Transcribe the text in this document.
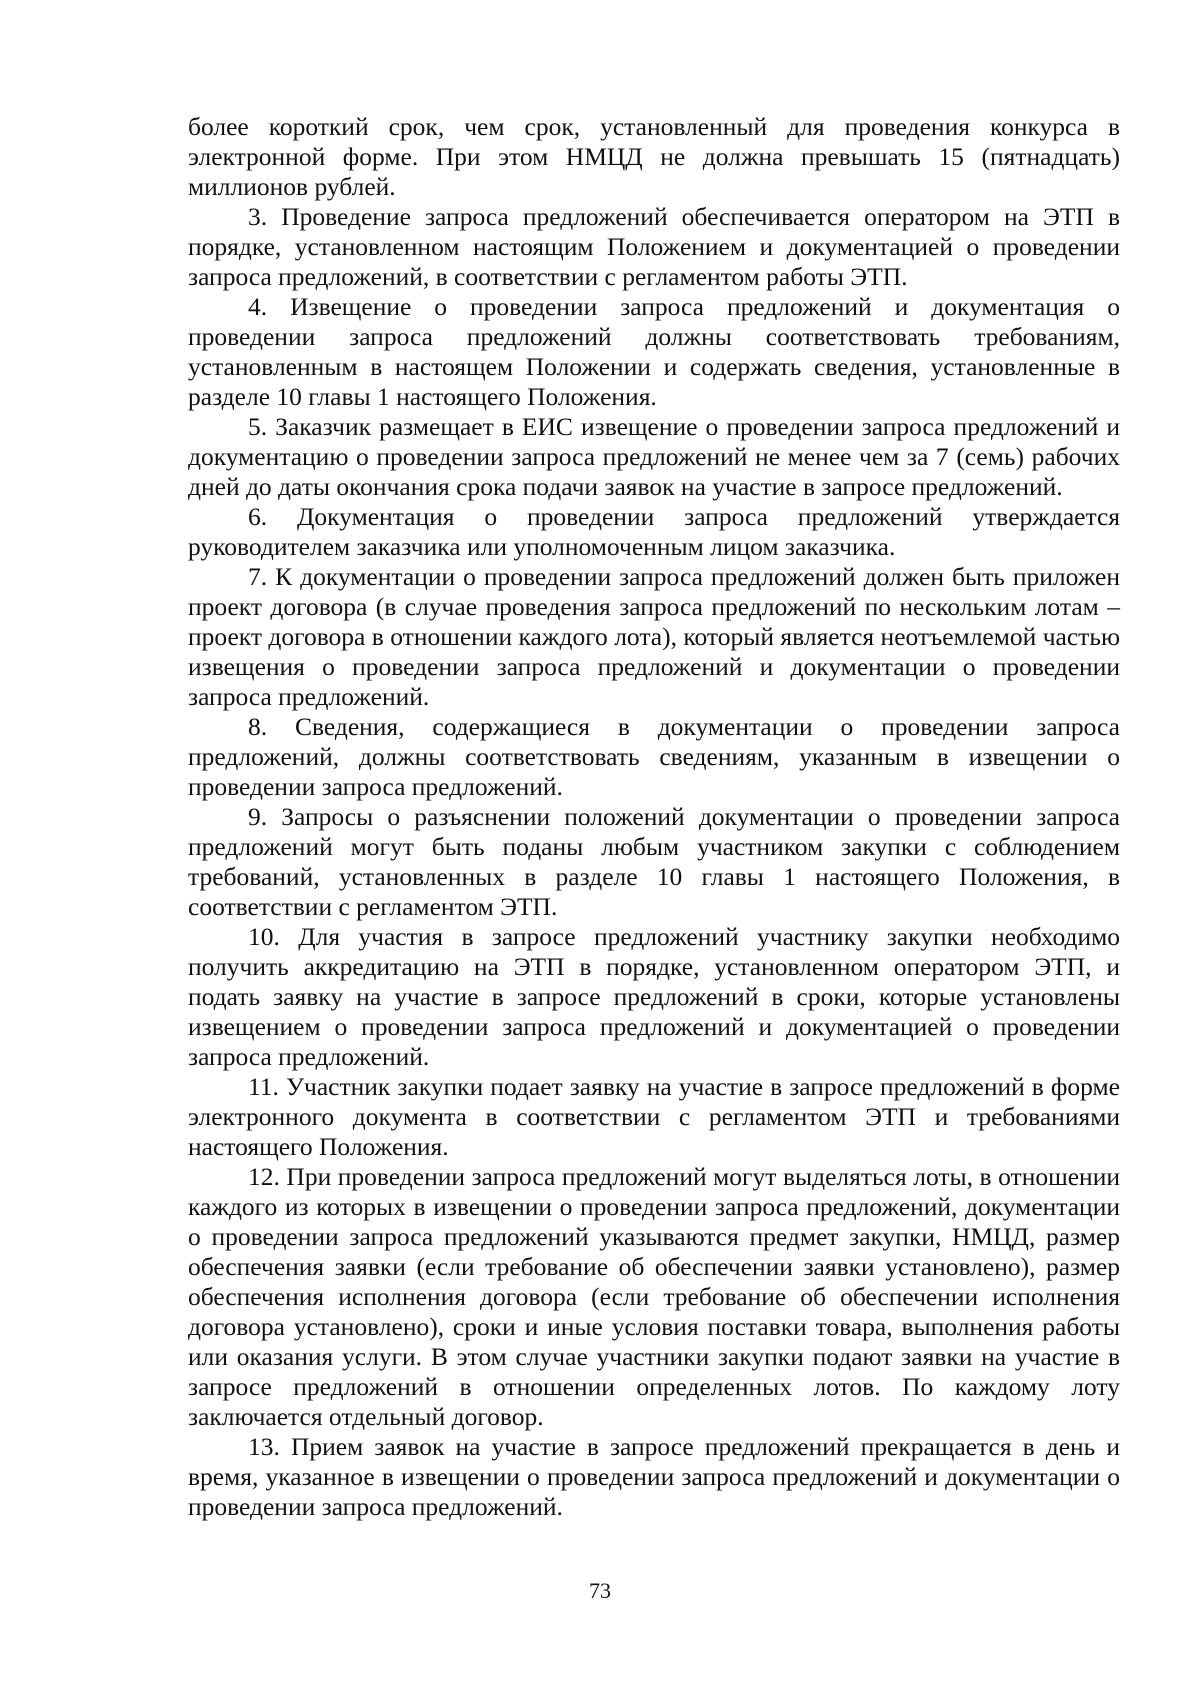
более короткий срок, чем срок, установленный для проведения конкурса в электронной форме. При этом НМЦД не должна превышать 15 (пятнадцать) миллионов рублей.

3. Проведение запроса предложений обеспечивается оператором на ЭТП в порядке, установленном настоящим Положением и документацией о проведении запроса предложений, в соответствии с регламентом работы ЭТП.

4. Извещение о проведении запроса предложений и документация о проведении запроса предложений должны соответствовать требованиям, установленным в настоящем Положении и содержать сведения, установленные в разделе 10 главы 1 настоящего Положения.

5. Заказчик размещает в ЕИС извещение о проведении запроса предложений и документацию о проведении запроса предложений не менее чем за 7 (семь) рабочих дней до даты окончания срока подачи заявок на участие в запросе предложений.

6. Документация о проведении запроса предложений утверждается руководителем заказчика или уполномоченным лицом заказчика.

7. К документации о проведении запроса предложений должен быть приложен проект договора (в случае проведения запроса предложений по нескольким лотам – проект договора в отношении каждого лота), который является неотъемлемой частью извещения о проведении запроса предложений и документации о проведении запроса предложений.

8. Сведения, содержащиеся в документации о проведении запроса предложений, должны соответствовать сведениям, указанным в извещении о проведении запроса предложений.

9. Запросы о разъяснении положений документации о проведении запроса предложений могут быть поданы любым участником закупки с соблюдением требований, установленных в разделе 10 главы 1 настоящего Положения, в соответствии с регламентом ЭТП.

10. Для участия в запросе предложений участнику закупки необходимо получить аккредитацию на ЭТП в порядке, установленном оператором ЭТП, и подать заявку на участие в запросе предложений в сроки, которые установлены извещением о проведении запроса предложений и документацией о проведении запроса предложений.

11. Участник закупки подает заявку на участие в запросе предложений в форме электронного документа в соответствии с регламентом ЭТП и требованиями настоящего Положения.

12. При проведении запроса предложений могут выделяться лоты, в отношении каждого из которых в извещении о проведении запроса предложений, документации о проведении запроса предложений указываются предмет закупки, НМЦД, размер обеспечения заявки (если требование об обеспечении заявки установлено), размер обеспечения исполнения договора (если требование об обеспечении исполнения договора установлено), сроки и иные условия поставки товара, выполнения работы или оказания услуги. В этом случае участники закупки подают заявки на участие в запросе предложений в отношении определенных лотов. По каждому лоту заключается отдельный договор.

13. Прием заявок на участие в запросе предложений прекращается в день и время, указанное в извещении о проведении запроса предложений и документации о проведении запроса предложений.

73
